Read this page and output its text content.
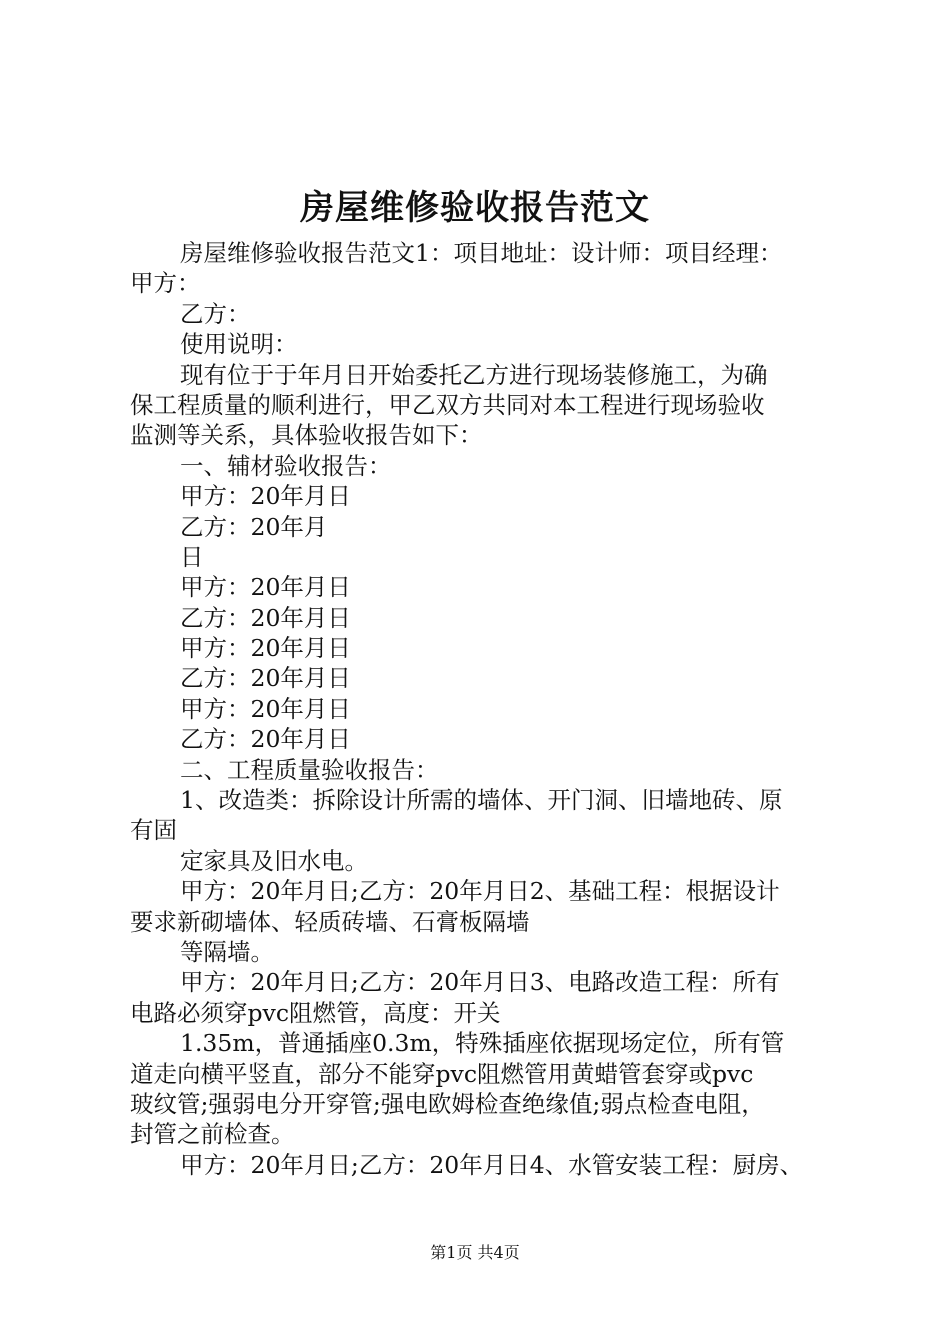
房屋维修验收报告范文
房屋维修验收报告范文1：项目地址：设计师：项目经理：
甲方：
乙方：
使用说明：
现有位于于年月日开始委托乙方进行现场装修施工，为确
保工程质量的顺利进行，甲乙双方共同对本工程进行现场验收
监测等关系，具体验收报告如下：
一、辅材验收报告：
甲方：20年月日
乙方：20年月
日
甲方：20年月日
乙方：20年月日
甲方：20年月日
乙方：20年月日
甲方：20年月日
乙方：20年月日
二、工程质量验收报告：
1、改造类：拆除设计所需的墙体、开门洞、旧墙地砖、原
有固
定家具及旧水电。
甲方：20年月日;乙方：20年月日2、基础工程：根据设计
要求新砌墙体、轻质砖墙、石膏板隔墙
等隔墙。
甲方：20年月日;乙方：20年月日3、电路改造工程：所有
电路必须穿pvc阻燃管，高度：开关
1.35m，普通插座0.3m，特殊插座依据现场定位，所有管
道走向横平竖直，部分不能穿pvc阻燃管用黄蜡管套穿或pvc
玻纹管;强弱电分开穿管;强电欧姆检查绝缘值;弱点检查电阻，
封管之前检查。
甲方：20年月日;乙方：20年月日4、水管安装工程：厨房、
第1页 共4页
